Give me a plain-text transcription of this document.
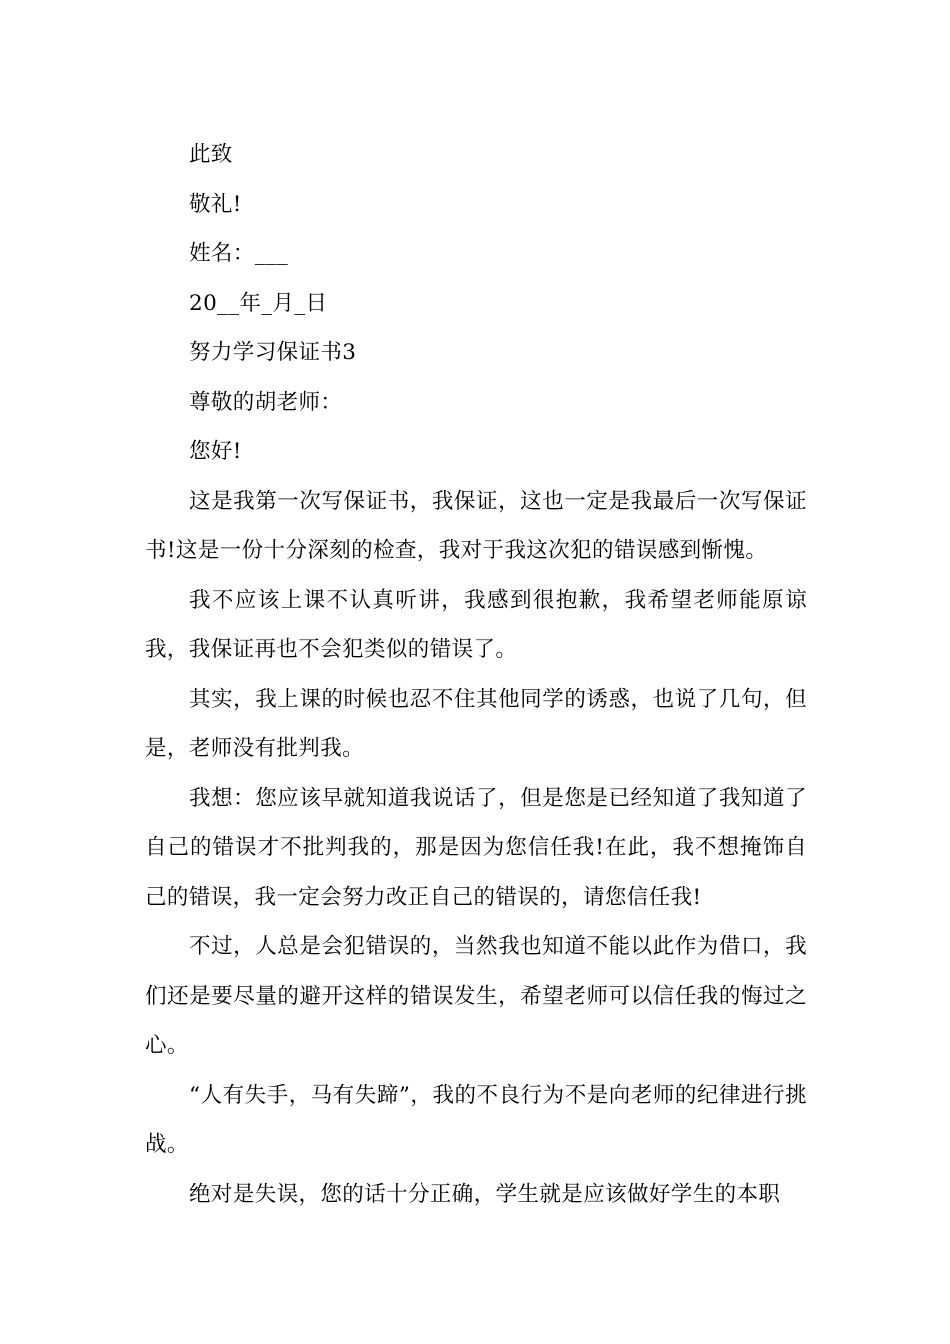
此致

敬礼!

姓名：___

20__年_月_日

努力学习保证书3

尊敬的胡老师：

您好!

这是我第一次写保证书，我保证，这也一定是我最后一次写保证书!这是一份十分深刻的检查，我对于我这次犯的错误感到惭愧。

我不应该上课不认真听讲，我感到很抱歉，我希望老师能原谅我，我保证再也不会犯类似的错误了。

其实，我上课的时候也忍不住其他同学的诱惑，也说了几句，但是，老师没有批判我。

我想：您应该早就知道我说话了，但是您是已经知道了我知道了自己的错误才不批判我的，那是因为您信任我!在此，我不想掩饰自己的错误，我一定会努力改正自己的错误的，请您信任我!

不过，人总是会犯错误的，当然我也知道不能以此作为借口，我们还是要尽量的避开这样的错误发生，希望老师可以信任我的悔过之心。

“人有失手，马有失蹄”，我的不良行为不是向老师的纪律进行挑战。

绝对是失误，您的话十分正确，学生就是应该做好学生的本职
